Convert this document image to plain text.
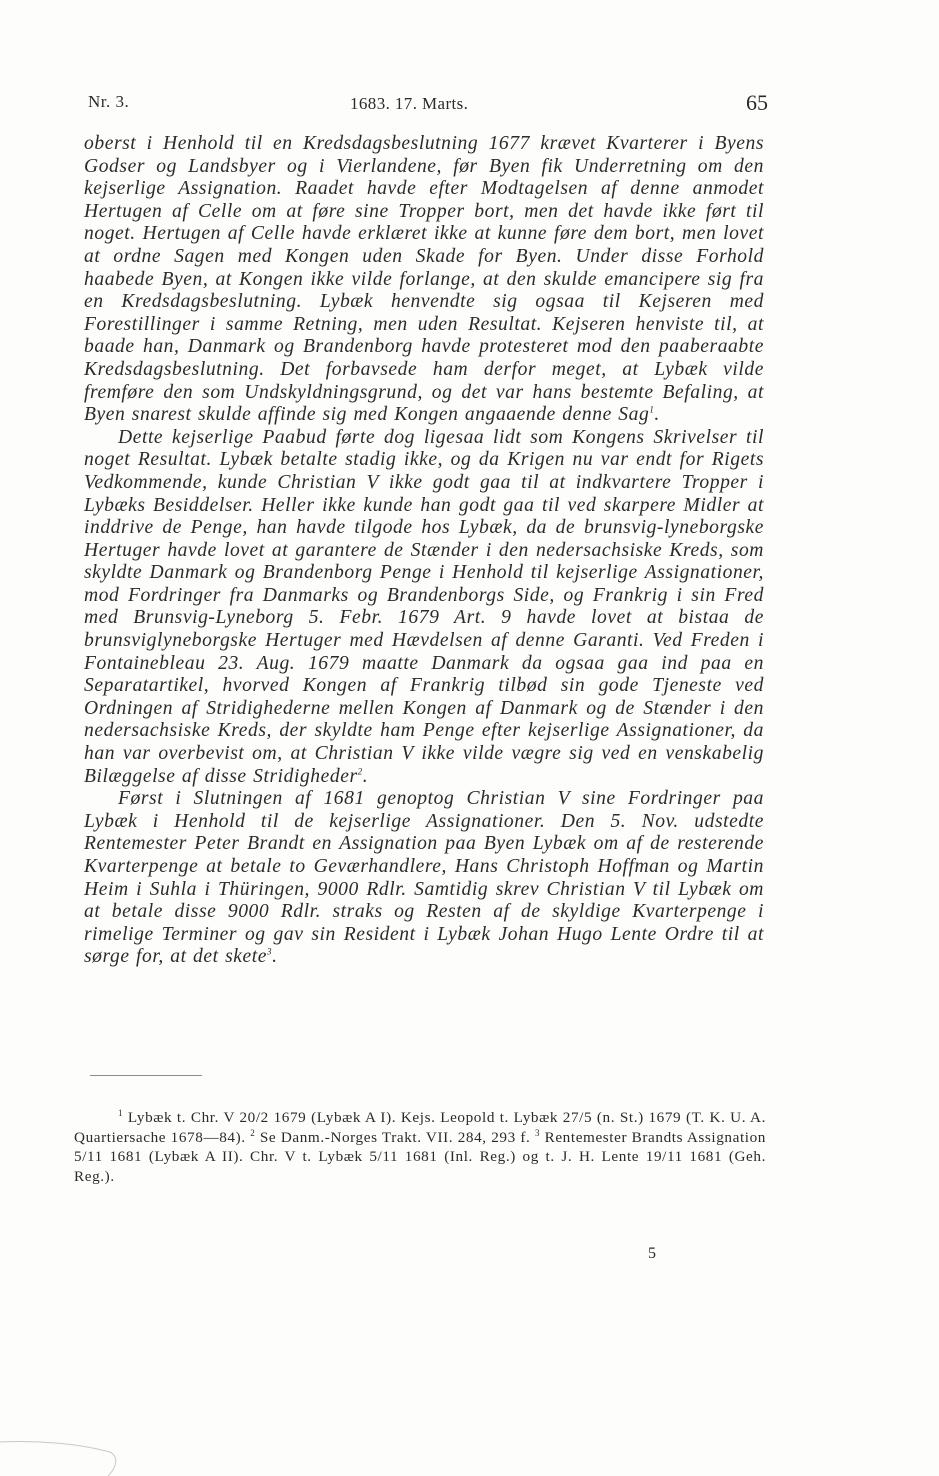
Nr. 3.	1683. 17. Marts.	65

oberst i Henhold til en Kredsdagsbeslutning 1677 krævet Kvarterer i Byens Godser og Landsbyer og i Vierlandene, før Byen fik Underretning om den kejserlige Assignation. Raadet havde efter Modtagelsen af denne anmodet Hertugen af Celle om at føre sine Tropper bort, men det havde ikke ført til noget. Hertugen af Celle havde erklæret ikke at kunne føre dem bort, men lovet at ordne Sagen med Kongen uden Skade for Byen. Under disse Forhold haabede Byen, at Kongen ikke vilde forlange, at den skulde emancipere sig fra en Kredsdagsbeslutning. Lybæk henvendte sig ogsaa til Kejseren med Forestillinger i samme Retning, men uden Resultat. Kejseren henviste til, at baade han, Danmark og Brandenborg havde protesteret mod den paaberaabte Kredsdagsbeslutning. Det forbavsede ham derfor meget, at Lybæk vilde fremføre den som Undskyldningsgrund, og det var hans bestemte Befaling, at Byen snarest skulde affinde sig med Kongen angaaende denne Sag$^1$.

Dette kejserlige Paabud førte dog ligesaa lidt som Kongens Skrivelser til noget Resultat. Lybæk betalte stadig ikke, og da Krigen nu var endt for Rigets Vedkommende, kunde Christian V ikke godt gaa til at indkvartere Tropper i Lybæks Besiddelser. Heller ikke kunde han godt gaa til ved skarpere Midler at inddrive de Penge, han havde tilgode hos Lybæk, da de brunsvig-lyneborgske Hertuger havde lovet at garantere de Stænder i den nedersachsiske Kreds, som skyldte Danmark og Brandenborg Penge i Henhold til kejserlige Assignationer, mod Fordringer fra Danmarks og Brandenborgs Side, og Frankrig i sin Fred med Brunsvig-Lyneborg 5. Febr. 1679 Art. 9 havde lovet at bistaa de brunsviglyneborgske Hertuger med Hævdelsen af denne Garanti. Ved Freden i Fontainebleau 23. Aug. 1679 maatte Danmark da ogsaa gaa ind paa en Separatartikel, hvorved Kongen af Frankrig tilbød sin gode Tjeneste ved Ordningen af Stridighederne mellen Kongen af Danmark og de Stænder i den nedersachsiske Kreds, der skyldte ham Penge efter kejserlige Assignationer, da han var overbevist om, at Christian V ikke vilde vægre sig ved en venskabelig Bilæggelse af disse Stridigheder$^2$.

Først i Slutningen af 1681 genoptog Christian V sine Fordringer paa Lybæk i Henhold til de kejserlige Assignationer. Den 5. Nov. udstedte Rentemester Peter Brandt en Assignation paa Byen Lybæk om af de resterende Kvarterpenge at betale to Geværhandlere, Hans Christoph Hoffman og Martin Heim i Suhla i Thüringen, 9000 Rdlr. Samtidig skrev Christian V til Lybæk om at betale disse 9000 Rdlr. straks og Resten af de skyldige Kvarterpenge i rimelige Terminer og gav sin Resident i Lybæk Johan Hugo Lente Ordre til at sørge for, at det skete$^3$.

$^1$ Lybæk t. Chr. V 20/2 1679 (Lybæk A I). Kejs. Leopold t. Lybæk 27/5 (n. St.) 1679 (T. K. U. A. Quartiersache 1678—84). $^2$ Se Danm.-Norges Trakt. VII. 284, 293 f. $^3$ Rentemester Brandts Assignation 5/11 1681 (Lybæk A II). Chr. V t. Lybæk 5/11 1681 (Inl. Reg.) og t. J. H. Lente 19/11 1681 (Geh. Reg.).

5
